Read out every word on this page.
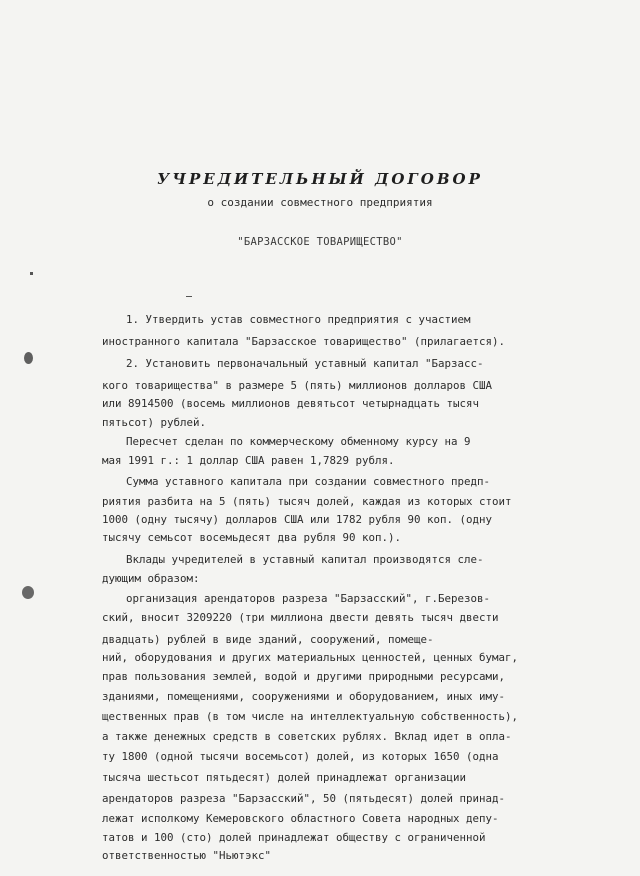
УЧРЕДИТЕЛЬНЫЙ ДОГОВОР
о создании совместного предприятия
"БАРЗАССКОЕ ТОВАРИЩЕСТВО"
1. Утвердить устав совместного предприятия с участием
иностранного капитала "Барзасское товарищество" (прилагается).
2. Установить первоначальный уставный капитал "Барзасс-
кого товарищества" в размере 5 (пять) миллионов долларов США
или 8914500 (восемь миллионов девятьсот четырнадцать тысяч
пятьсот) рублей.
Пересчет сделан по коммерческому обменному курсу на 9
мая 1991 г.: 1 доллар США равен 1,7829 рубля.
Сумма уставного капитала при создании совместного предп-
риятия разбита на 5 (пять) тысяч долей, каждая из которых стоит
1000 (одну тысячу) долларов США или 1782 рубля 90 коп. (одну
тысячу семьсот восемьдесят два рубля 90 коп.).
Вклады учредителей в уставный капитал производятся сле-
дующим образом:
организация арендаторов разреза "Барзасский", г.Березов-
ский, вносит 3209220 (три миллиона двести девять тысяч двести
двадцать) рублей в виде зданий, сооружений, помеще-
ний, оборудования и других материальных ценностей, ценных бумаг,
прав пользования землей, водой и другими природными ресурсами,
зданиями, помещениями, сооружениями и оборудованием, иных иму-
щественных прав (в том числе на интеллектуальную собственность),
а также денежных средств в советских рублях. Вклад идет в опла-
ту 1800 (одной тысячи восемьсот) долей, из которых 1650 (одна
тысяча шестьсот пятьдесят) долей принадлежат организации
арендаторов разреза "Барзасский", 50 (пятьдесят) долей принад-
лежат исполкому Кемеровского областного Совета народных депу-
татов и 100 (сто) долей принадлежат обществу с ограниченной
ответственностью "Ньютэкс"
